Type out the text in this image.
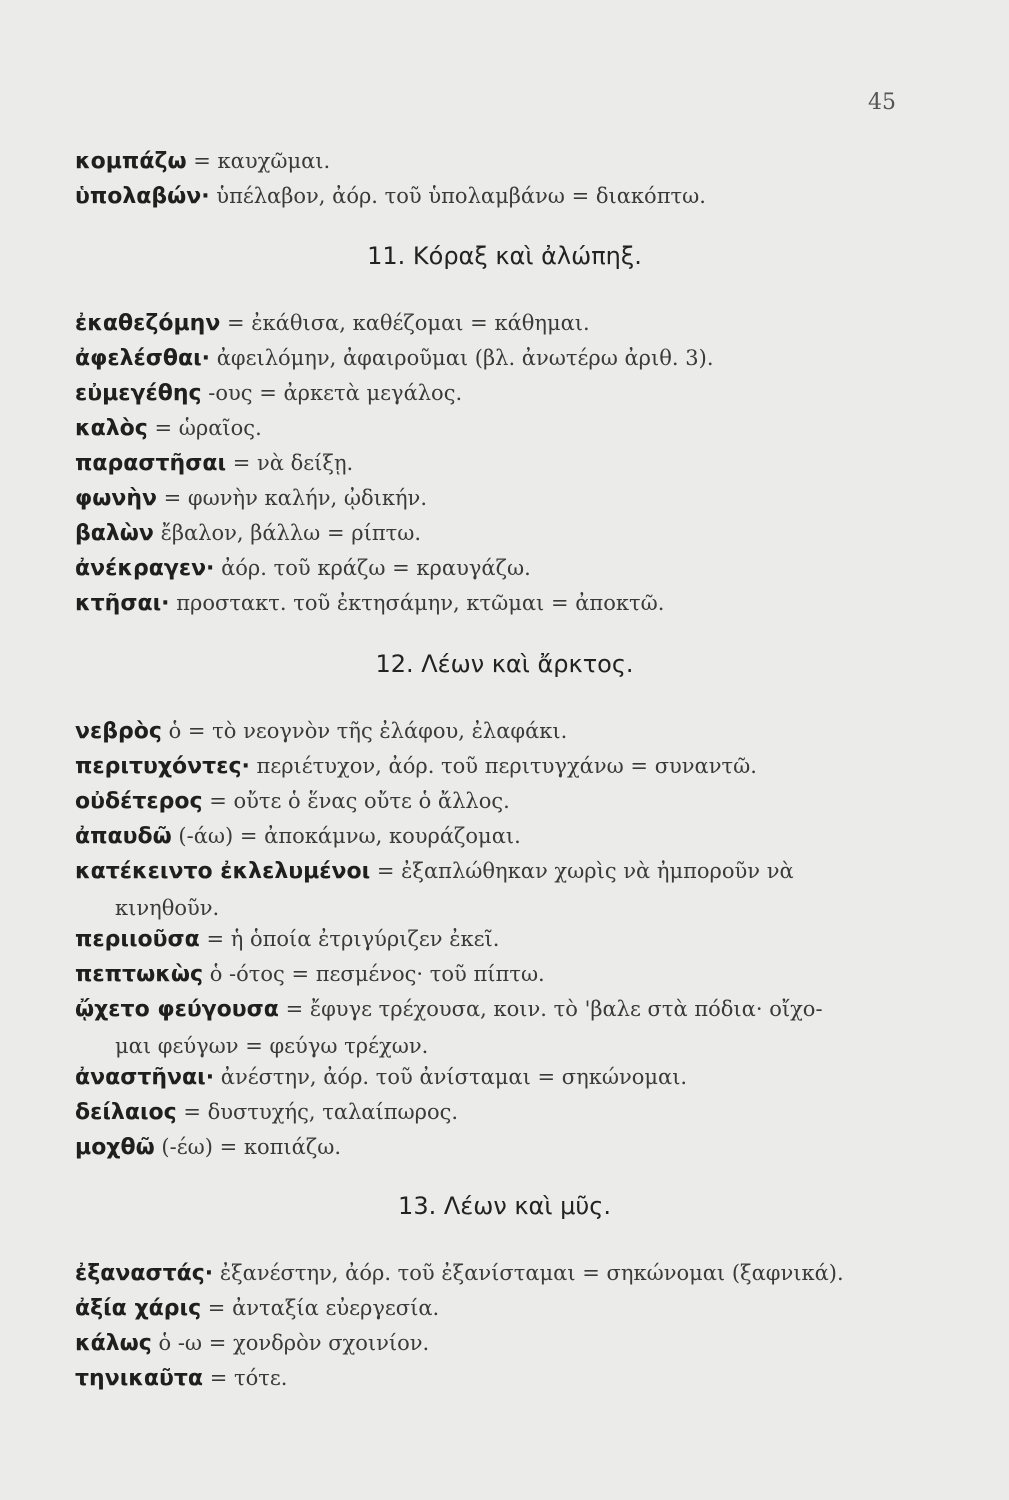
45
κομπάζω = καυχῶμαι.
ὑπολαβών· ὑπέλαβον, ἀόρ. τοῦ ὑπολαμβάνω = διακόπτω.
11. Κόραξ καὶ ἀλώπηξ.
ἐκαθεζόμην = ἐκάθισα, καθέζομαι = κάθημαι.
ἀφελέσθαι· ἀφειλόμην, ἀφαιροῦμαι (βλ. ἀνωτέρω ἀριθ. 3).
εὐμεγέθης -ους = ἀρκετὰ μεγάλος.
καλὸς = ὡραῖος.
παραστῆσαι = νὰ δείξῃ.
φωνὴν = φωνὴν καλήν, ᾠδικήν.
βαλὼν ἔβαλον, βάλλω = ρίπτω.
ἀνέκραγεν· ἀόρ. τοῦ κράζω = κραυγάζω.
κτῆσαι· προστακτ. τοῦ ἐκτησάμην, κτῶμαι = ἀποκτῶ.
12. Λέων καὶ ἄρκτος.
νεβρὸς ὁ = τὸ νεογνὸν τῆς ἐλάφου, ἐλαφάκι.
περιτυχόντες· περιέτυχον, ἀόρ. τοῦ περιτυγχάνω = συναντῶ.
οὐδέτερος = οὔτε ὁ ἕνας οὔτε ὁ ἄλλος.
ἀπαυδῶ (-άω) = ἀποκάμνω, κουράζομαι.
κατέκειντο ἐκλελυμένοι = ἐξαπλώθηκαν χωρὶς νὰ ἠμποροῦν νὰ
κινηθοῦν.
περιιοῦσα = ἡ ὁποία ἐτριγύριζεν ἐκεῖ.
πεπτωκὼς ὁ -ότος = πεσμένος· τοῦ πίπτω.
ᾤχετο φεύγουσα = ἔφυγε τρέχουσα, κοιν. τὸ 'βαλε στὰ πόδια· οἴχο-
μαι φεύγων = φεύγω τρέχων.
ἀναστῆναι· ἀνέστην, ἀόρ. τοῦ ἀνίσταμαι = σηκώνομαι.
δείλαιος = δυστυχής, ταλαίπωρος.
μοχθῶ (-έω) = κοπιάζω.
13. Λέων καὶ μῦς.
ἐξαναστάς· ἐξανέστην, ἀόρ. τοῦ ἐξανίσταμαι = σηκώνομαι (ξαφνικά).
ἀξία χάρις = ἀνταξία εὐεργεσία.
κάλως ὁ -ω = χονδρὸν σχοινίον.
τηνικαῦτα = τότε.
